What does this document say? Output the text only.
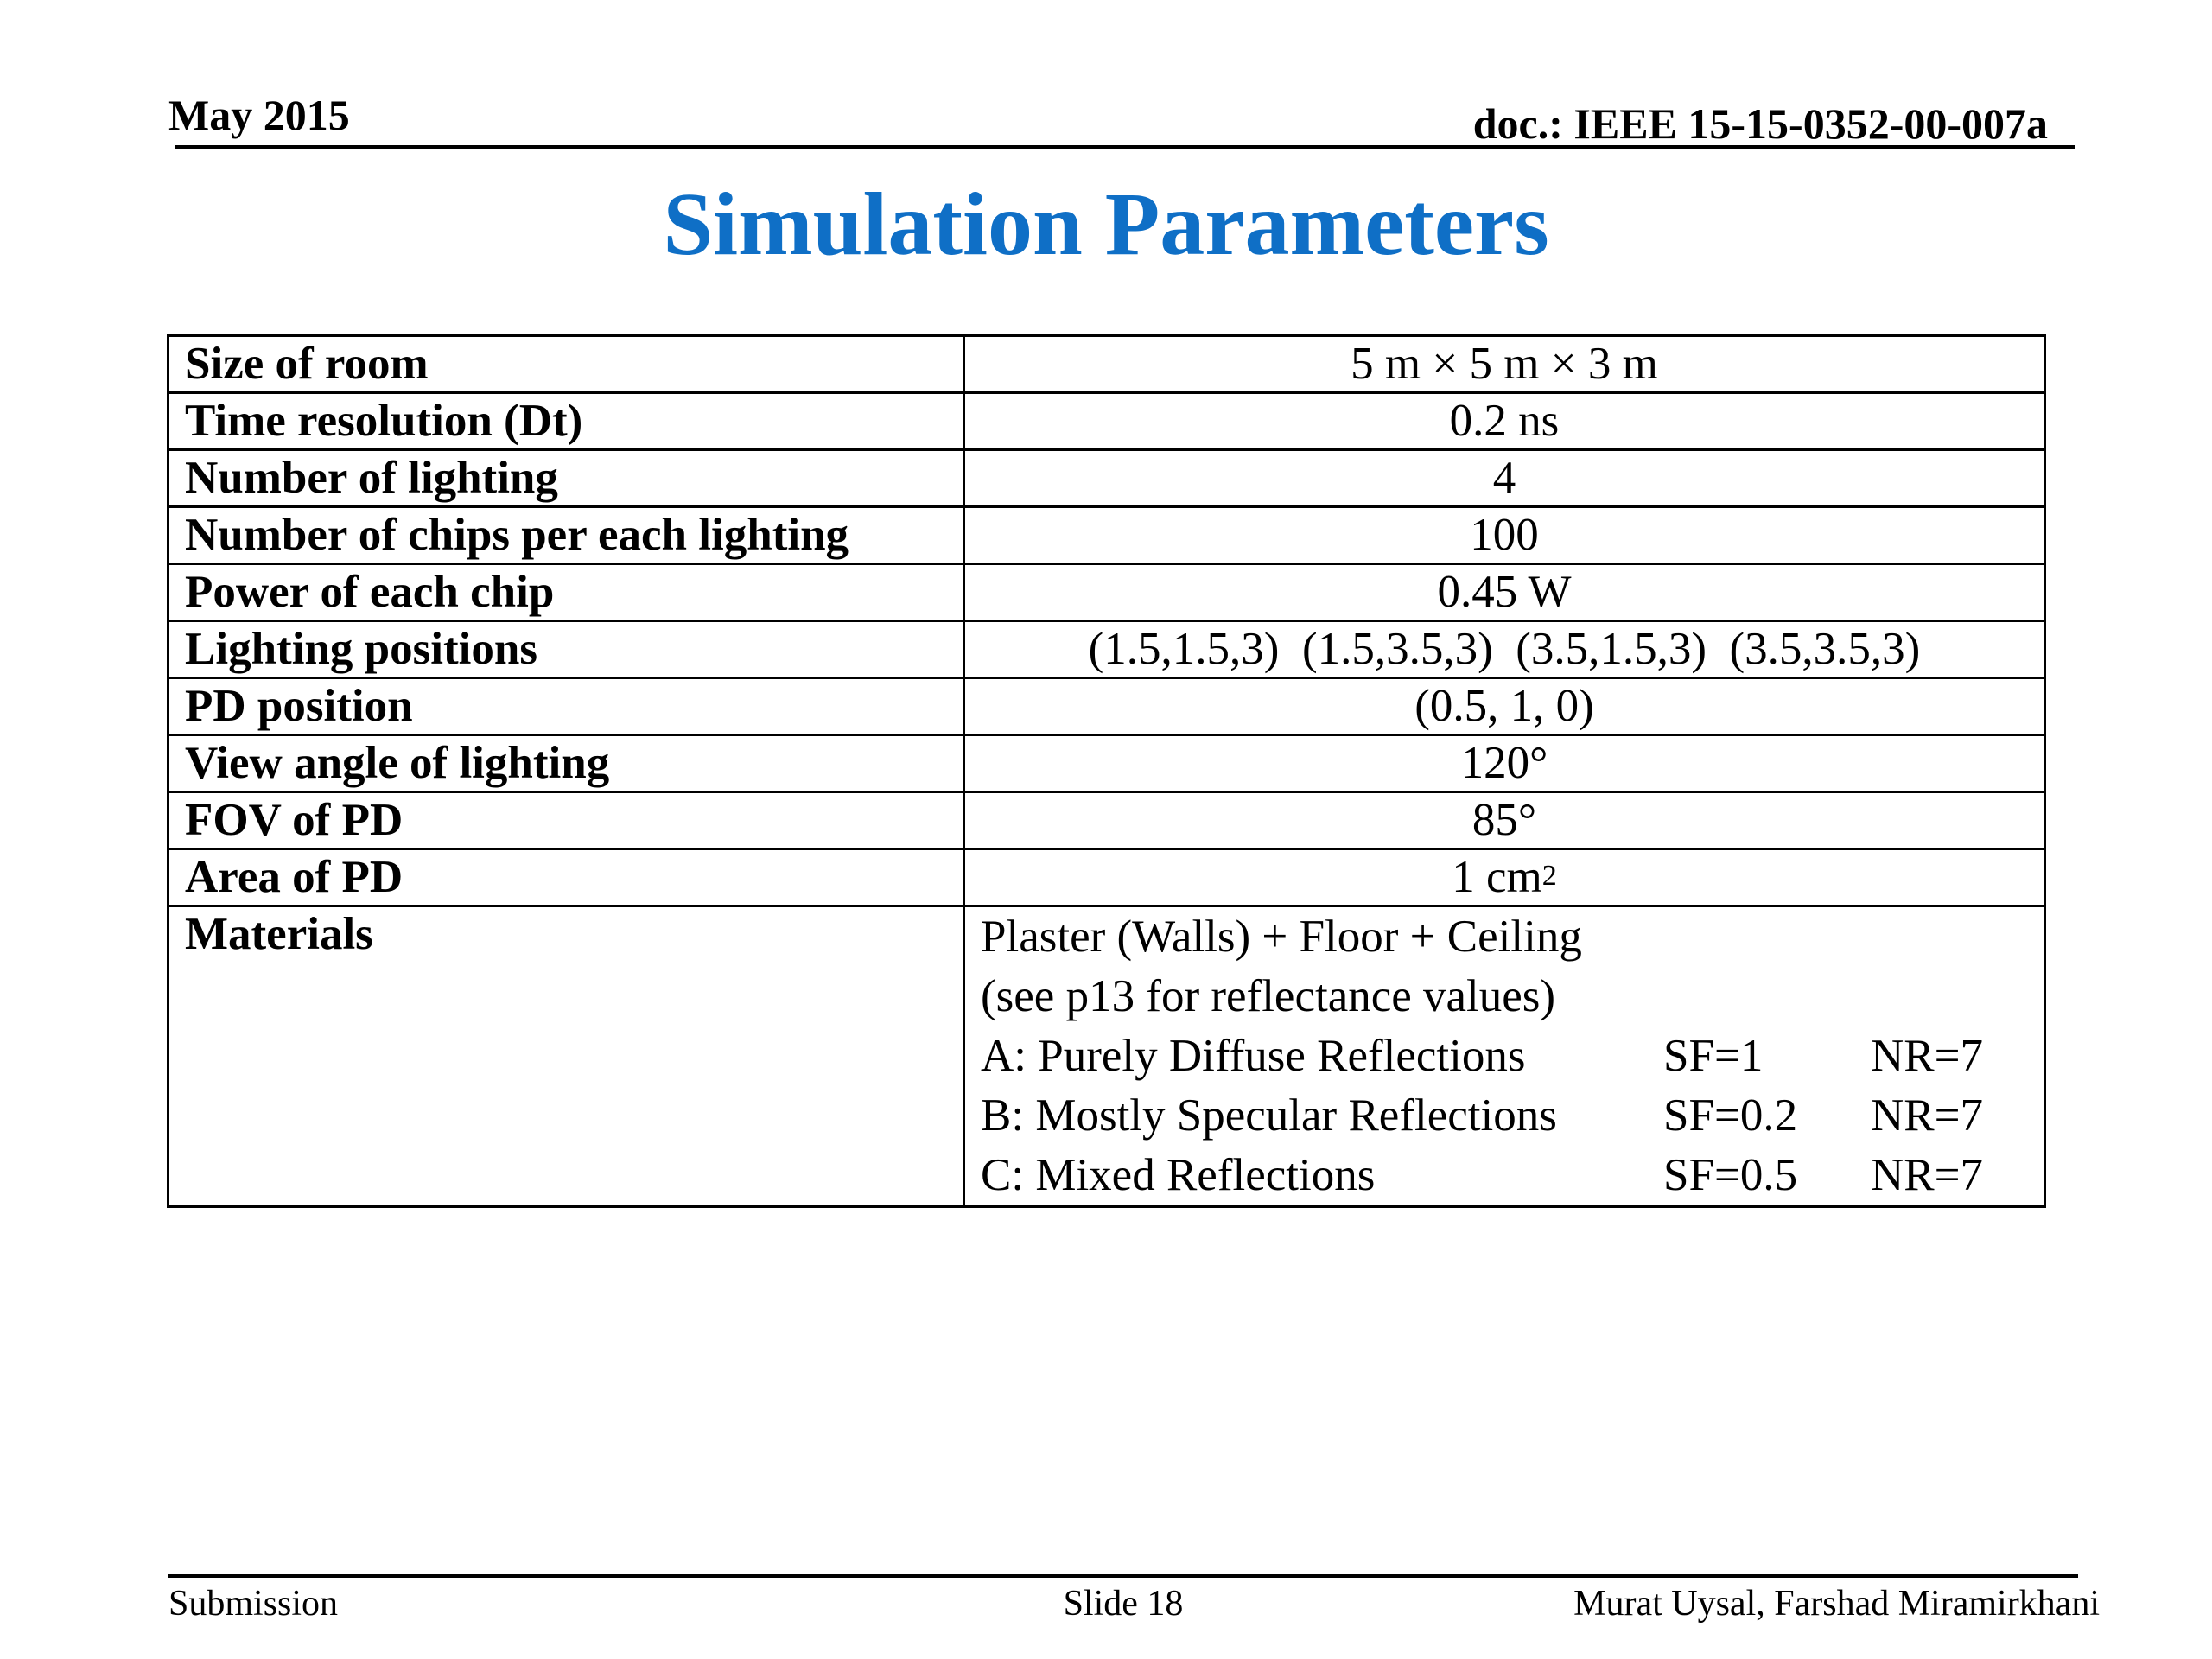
May 2015	doc.: IEEE 15-15-0352-00-007a
Simulation Parameters
Size of room	5 m × 5 m × 3 m
Time resolution (Dt)	0.2 ns
Number of lighting	4
Number of chips per each lighting	100
Power of each chip	0.45 W
Lighting positions	(1.5,1.5,3)  (1.5,3.5,3)  (3.5,1.5,3)  (3.5,3.5,3)
PD position	(0.5, 1, 0)
View angle of lighting	120°
FOV of PD	85°
Area of PD	1 $cm^2$
Materials	Plaster (Walls) + Floor + Ceiling
(see p13 for reflectance values)
A: Purely Diffuse Reflections SF=1 NR=7
B: Mostly Specular Reflections SF=0.2 NR=7
C: Mixed Reflections SF=0.5 NR=7
Submission	Slide 18	Murat Uysal, Farshad Miramirkhani
